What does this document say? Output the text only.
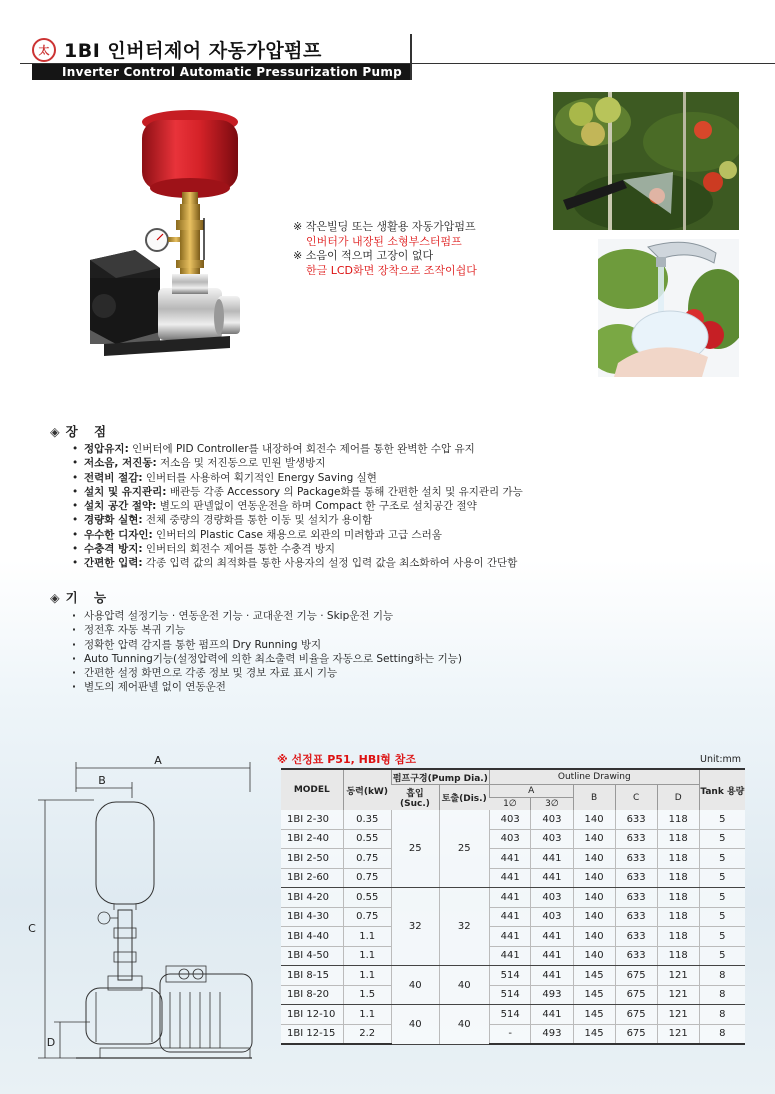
太 1BI 인버터제어 자동가압펌프
Inverter Control Automatic Pressurization Pump
※ 작은빌딩 또는 생활용 자동가압펌프
인버터가 내장된 소형부스터펌프
※ 소음이 적으며 고장이 없다
한글 LCD화면 장착으로 조작이쉽다
◈ 장 점
• 정압유지: 인버터에 PID Controller를 내장하여 회전수 제어를 통한 완벽한 수압 유지
• 저소음, 저진동: 저소음 및 저진동으로 민원 발생방지
• 전력비 절감: 인버터를 사용하여 획기적인 Energy Saving 실현
• 설치 및 유지관리: 배관등 각종 Accessory 의 Package화를 통해 간편한 설치 및 유지관리 가능
• 설치 공간 절약: 별도의 판넬없이 연동운전을 하며 Compact 한 구조로 설치공간 절약
• 경량화 실현: 전체 중량의 경량화를 통한 이동 및 설치가 용이함
• 우수한 디자인: 인버터의 Plastic Case 채용으로 외관의 미려함과 고급 스러움
• 수충격 방지: 인버터의 회전수 제어를 통한 수충격 방지
• 간편한 입력: 각종 입력 값의 최적화를 통한 사용자의 설정 입력 값을 최소화하여 사용이 간단함
◈ 기 능
· 사용압력 설정기능 · 연동운전 기능 · 교대운전 기능 · Skip운전 기능
· 정전후 자동 복귀 기능
· 정확한 압력 감지를 통한 펌프의 Dry Running 방지
· Auto Tunning기능(설정압력에 의한 최소출력 비율을 자동으로 Setting하는 기능)
· 간편한 설정 화면으로 각종 정보 및 경보 자료 표시 기능
· 별도의 제어판넬 없이 연동운전
A
B
C
D
※ 선정표 P51, HBI형 참조	Unit:mm
MODEL	동력(kW)	펌프구경(Pump Dia.)		Outline Drawing					Tank 용량
		흡입(Suc.)	토출(Dis.)	A		B	C	D	
				1∅	3∅				
1BI 2-30	0.35	25	25	403	403	140	633	118	5
1BI 2-40	0.55			403	403	140	633	118	5
1BI 2-50	0.75			441	441	140	633	118	5
1BI 2-60	0.75			441	441	140	633	118	5
1BI 4-20	0.55	32	32	441	403	140	633	118	5
1BI 4-30	0.75			441	403	140	633	118	5
1BI 4-40	1.1			441	441	140	633	118	5
1BI 4-50	1.1			441	441	140	633	118	5
1BI 8-15	1.1	40	40	514	441	145	675	121	8
1BI 8-20	1.5			514	493	145	675	121	8
1BI 12-10	1.1	40	40	514	441	145	675	121	8
1BI 12-15	2.2			-	493	145	675	121	8
